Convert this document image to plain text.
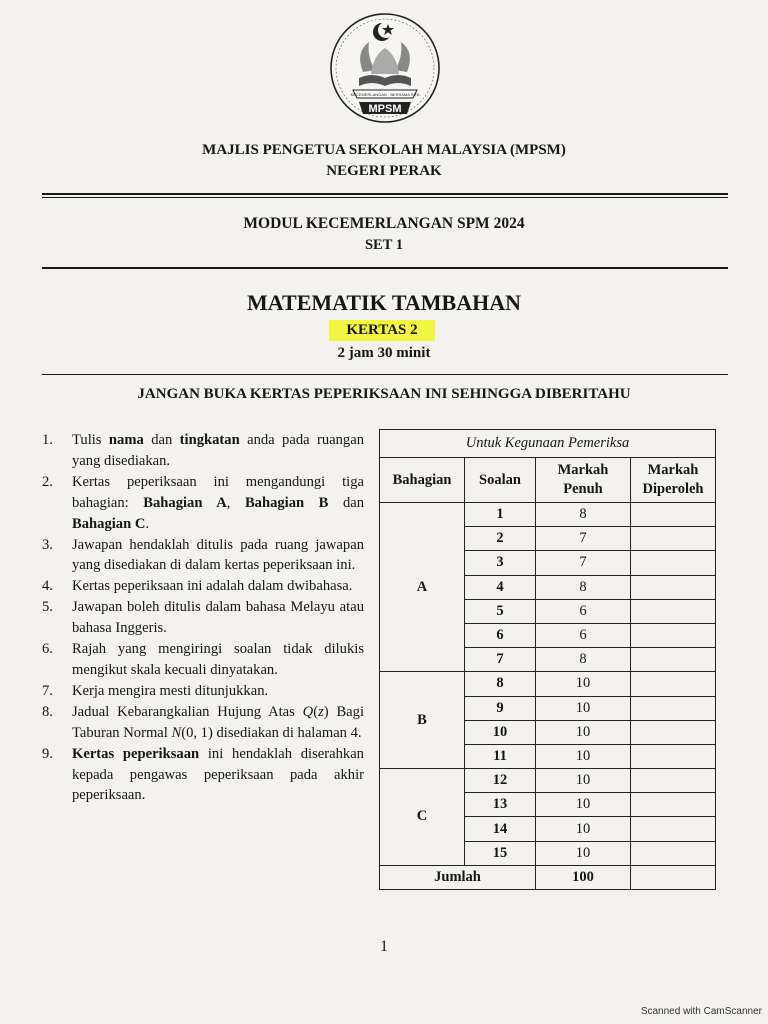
KECEMERLANGAN · BERSAMA KITA
MPSM
MAJLIS PENGETUA SEKOLAH MALAYSIA (MPSM)
NEGERI PERAK
MODUL KECEMERLANGAN SPM 2024
SET 1
MATEMATIK TAMBAHAN
KERTAS 2
2 jam 30 minit
JANGAN BUKA KERTAS PEPERIKSAAN INI SEHINGGA DIBERITAHU
1.	Tulis nama dan tingkatan anda pada ruangan yang disediakan.
2.	Kertas peperiksaan ini mengandungi tiga bahagian: Bahagian A, Bahagian B dan Bahagian C.
3.	Jawapan hendaklah ditulis pada ruang jawapan yang disediakan di dalam kertas peperiksaan ini.
4.	Kertas peperiksaan ini adalah dalam dwibahasa.
5.	Jawapan boleh ditulis dalam bahasa Melayu atau bahasa Inggeris.
6.	Rajah yang mengiringi soalan tidak dilukis mengikut skala kecuali dinyatakan.
7.	Kerja mengira mesti ditunjukkan.
8.	Jadual Kebarangkalian Hujung Atas Q(z) Bagi Taburan Normal N(0, 1) disediakan di halaman 4.
9.	Kertas peperiksaan ini hendaklah diserahkan kepada pengawas peperiksaan pada akhir peperiksaan.
Untuk Kegunaan Pemeriksa			
Bahagian	Soalan	Markah Penuh	Markah Diperoleh
A	1	8	
	2	7	
	3	7	
	4	8	
	5	6	
	6	6	
	7	8	
B	8	10	
	9	10	
	10	10	
	11	10	
C	12	10	
	13	10	
	14	10	
	15	10	
Jumlah		100	
1
Scanned with CamScanner
